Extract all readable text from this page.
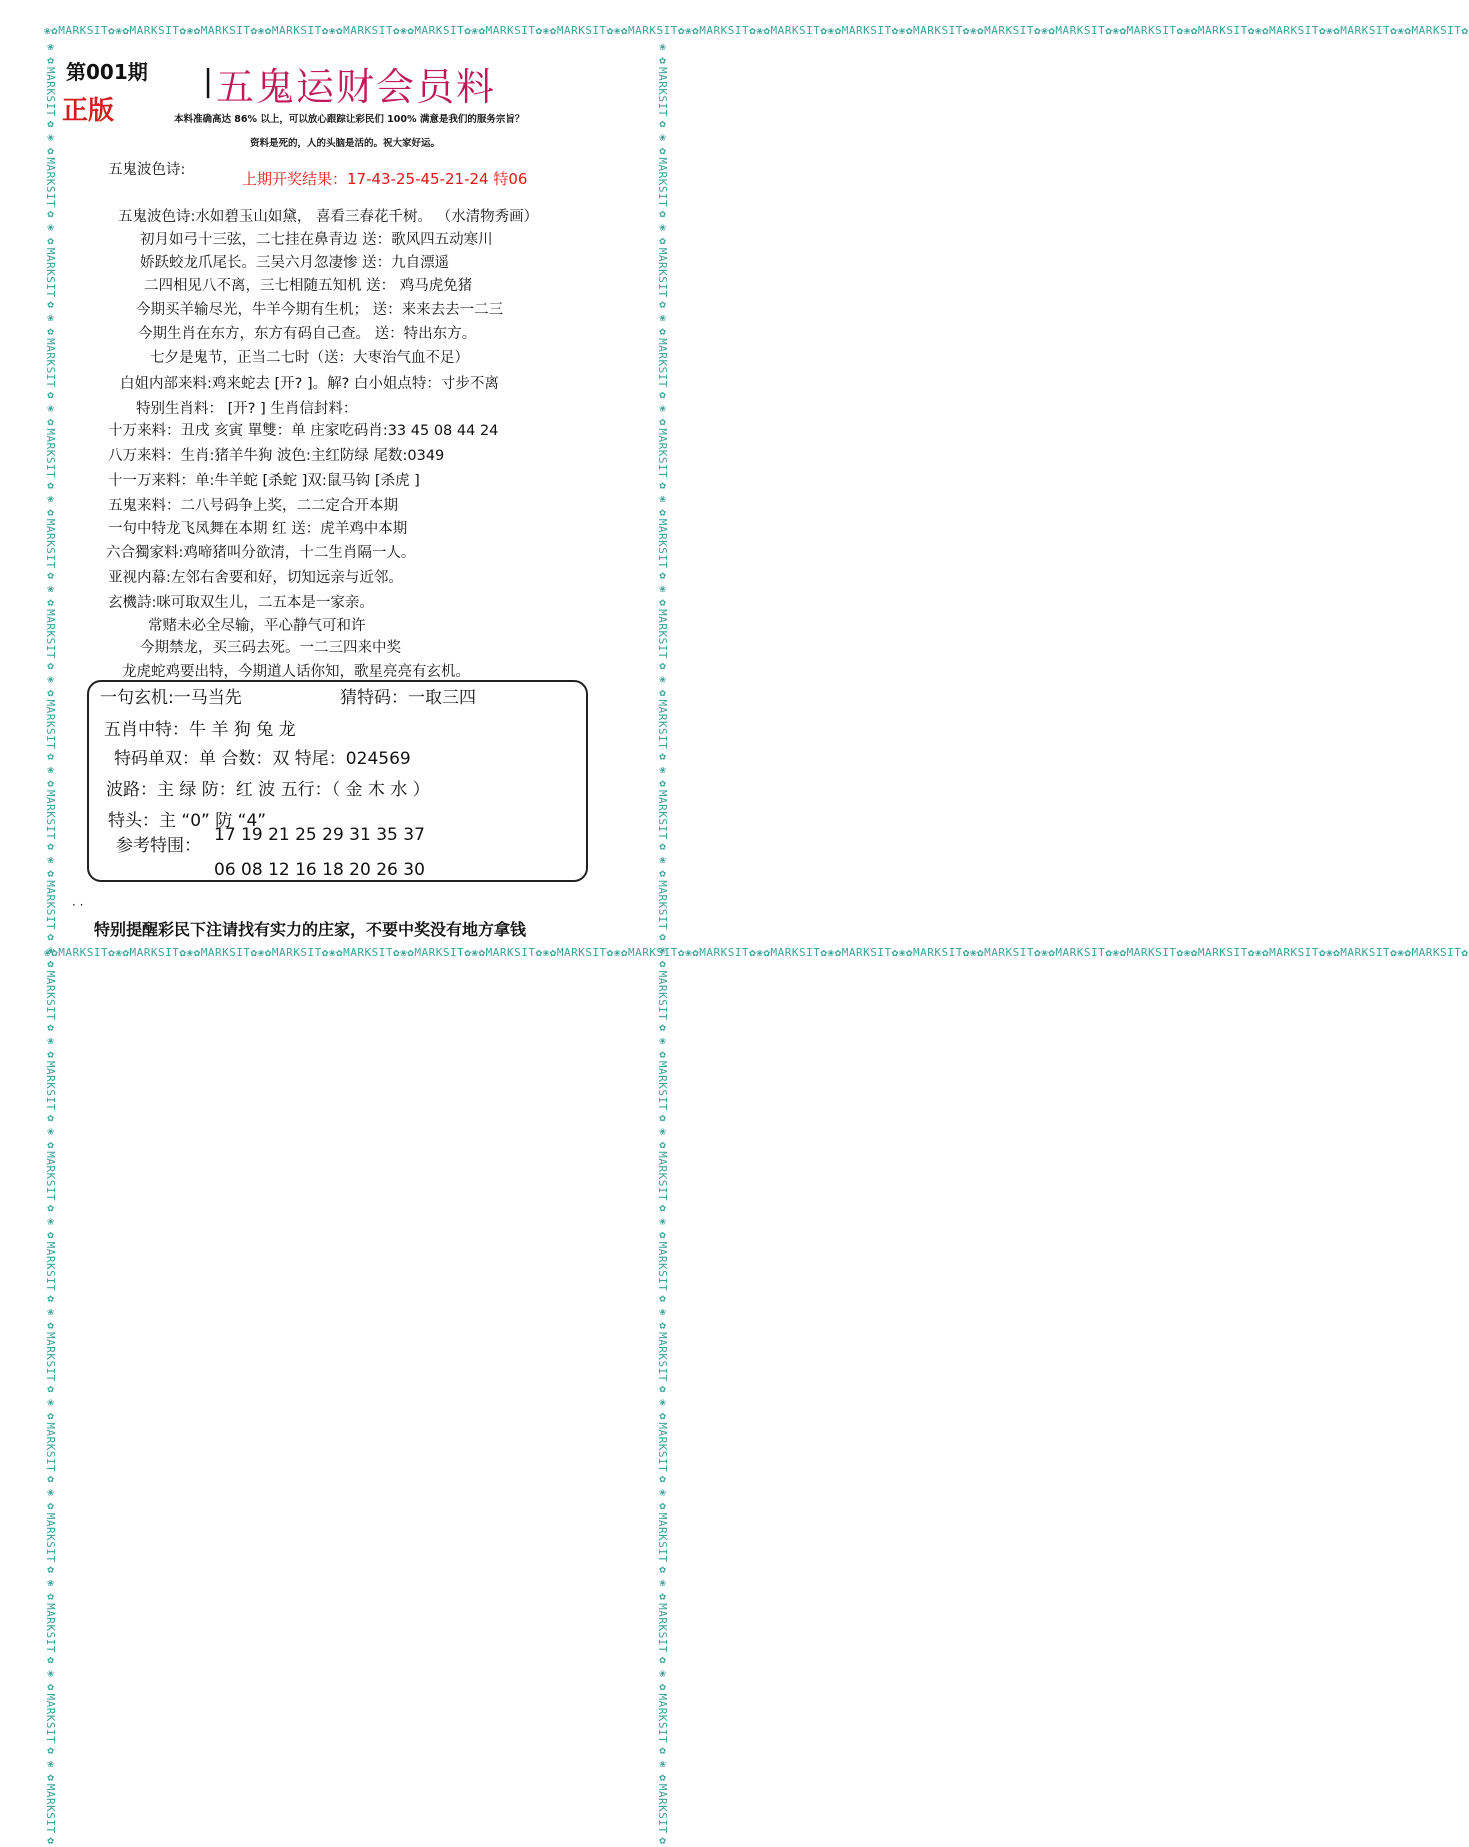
❀✿MARKSIT✿❀✿MARKSIT✿❀✿MARKSIT✿❀✿MARKSIT✿❀✿MARKSIT✿❀✿MARKSIT✿❀✿MARKSIT✿❀✿MARKSIT✿❀✿MARKSIT✿❀✿MARKSIT✿❀✿MARKSIT✿❀✿MARKSIT✿❀✿MARKSIT✿❀✿MARKSIT✿❀✿MARKSIT✿❀✿MARKSIT✿❀✿MARKSIT✿❀✿MARKSIT✿❀✿MARKSIT✿❀✿MARKSIT✿
❀✿MARKSIT✿❀✿MARKSIT✿❀✿MARKSIT✿❀✿MARKSIT✿❀✿MARKSIT✿❀✿MARKSIT✿❀✿MARKSIT✿❀✿MARKSIT✿❀✿MARKSIT✿❀✿MARKSIT✿❀✿MARKSIT✿❀✿MARKSIT✿❀✿MARKSIT✿❀✿MARKSIT✿❀✿MARKSIT✿❀✿MARKSIT✿❀✿MARKSIT✿❀✿MARKSIT✿❀✿MARKSIT✿❀✿MARKSIT✿
❀✿MARKSIT✿❀✿MARKSIT✿❀✿MARKSIT✿❀✿MARKSIT✿❀✿MARKSIT✿❀✿MARKSIT✿❀✿MARKSIT✿❀✿MARKSIT✿❀✿MARKSIT✿❀✿MARKSIT✿❀✿MARKSIT✿❀✿MARKSIT✿❀✿MARKSIT✿❀✿MARKSIT✿❀✿MARKSIT✿❀✿MARKSIT✿❀✿MARKSIT✿❀✿MARKSIT✿❀✿MARKSIT✿❀✿MARKSIT✿	❀✿MARKSIT✿❀✿MARKSIT✿❀✿MARKSIT✿❀✿MARKSIT✿❀✿MARKSIT✿❀✿MARKSIT✿❀✿MARKSIT✿❀✿MARKSIT✿❀✿MARKSIT✿❀✿MARKSIT✿❀✿MARKSIT✿❀✿MARKSIT✿❀✿MARKSIT✿❀✿MARKSIT✿❀✿MARKSIT✿❀✿MARKSIT✿❀✿MARKSIT✿❀✿MARKSIT✿❀✿MARKSIT✿❀✿MARKSIT✿
第001期
正版
| 五鬼运财会员料
本料准确高达 86% 以上，可以放心跟踪让彩民们 100% 满意是我们的服务宗旨？
资料是死的，人的头脑是活的。祝大家好运。
五鬼波色诗:	上期开奖结果：17-43-25-45-21-24 特06
五鬼波色诗:水如碧玉山如黛， 喜看三春花千树。 （水清物秀画）
初月如弓十三弦，二七挂在鼻青边 送：歌风四五动寒川
娇跃蛟龙爪尾长。三吴六月忽凄惨 送：九自漂遥
二四相见八不离，三七相随五知机 送： 鸡马虎免猪
今期买羊输尽光，牛羊今期有生机； 送：来来去去一二三
今期生肖在东方，东方有码自己查。 送：特出东方。
七夕是鬼节，正当二七时（送：大枣治气血不足）
白姐内部来料:鸡来蛇去 [开? ]。解? 白小姐点特：寸步不离
特别生肖料： [开? ] 生肖信封料：
十万来料：丑戌 亥寅 單雙：单 庄家吃码肖:33 45 08 44 24
八万来料：生肖:猪羊牛狗 波色:主红防绿 尾数:0349
十一万来料：单:牛羊蛇 [杀蛇 ]双:鼠马钩 [杀虎 ]
五鬼来料：二八号码争上奖，二二定合开本期
一句中特龙飞凤舞在本期 红 送：虎羊鸡中本期
六合獨家料:鸡啼猪叫分欲清，十二生肖隔一人。
亚视内幕:左邻右舍要和好，切知远亲与近邻。
玄機詩:咪可取双生儿，二五本是一家亲。
常赌未必全尽输，平心静气可和许
今期禁龙，买三码去死。一二三四来中奖
龙虎蛇鸡要出特，今期道人话你知，歌星亮亮有玄机。
一句玄机:一马当先	猜特码：一取三四
五肖中特：牛 羊 狗 兔 龙
特码单双：单 合数：双 特尾：024569
波路：主 绿 防：红 波 五行：（ 金 木 水 ）
特头：主 “0” 防 “4”
参考特围：
17 19 21 25 29 31 35 37
06 08 12 16 18 20 26 30
· ·
特别提醒彩民下注请找有实力的庄家，不要中奖没有地方拿钱
